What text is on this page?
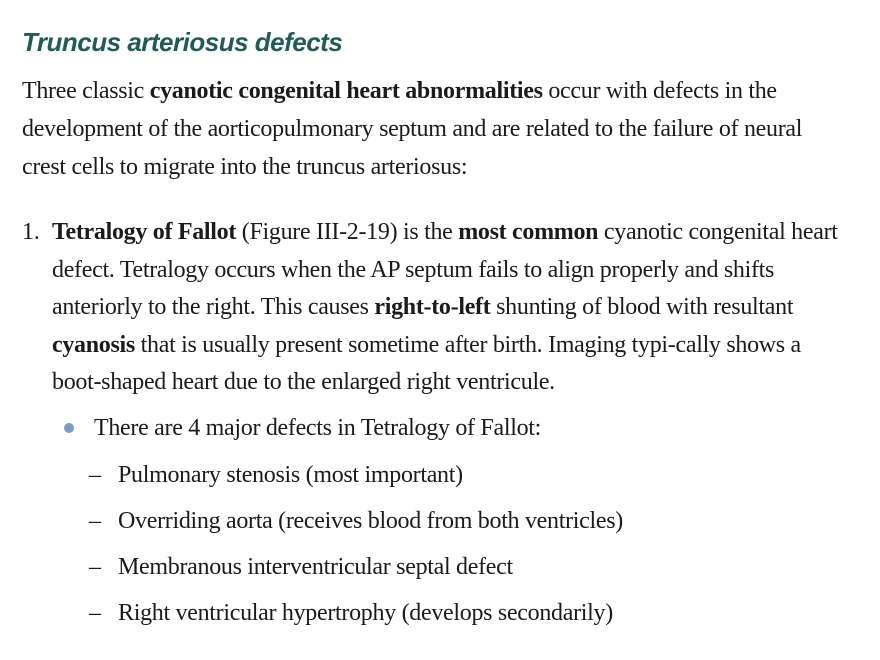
Truncus arteriosus defects

Three classic cyanotic congenital heart abnormalities occur with defects in the development of the aorticopulmonary septum and are related to the failure of neural crest cells to migrate into the truncus arteriosus:

1. Tetralogy of Fallot (Figure III-2-19) is the most common cyanotic congenital heart defect. Tetralogy occurs when the AP septum fails to align properly and shifts anteriorly to the right. This causes right-to-left shunting of blood with resultant cyanosis that is usually present sometime after birth. Imaging typi-cally shows a boot-shaped heart due to the enlarged right ventricule.
There are 4 major defects in Tetralogy of Fallot:
– Pulmonary stenosis (most important)
– Overriding aorta (receives blood from both ventricles)
– Membranous interventricular septal defect
– Right ventricular hypertrophy (develops secondarily)
